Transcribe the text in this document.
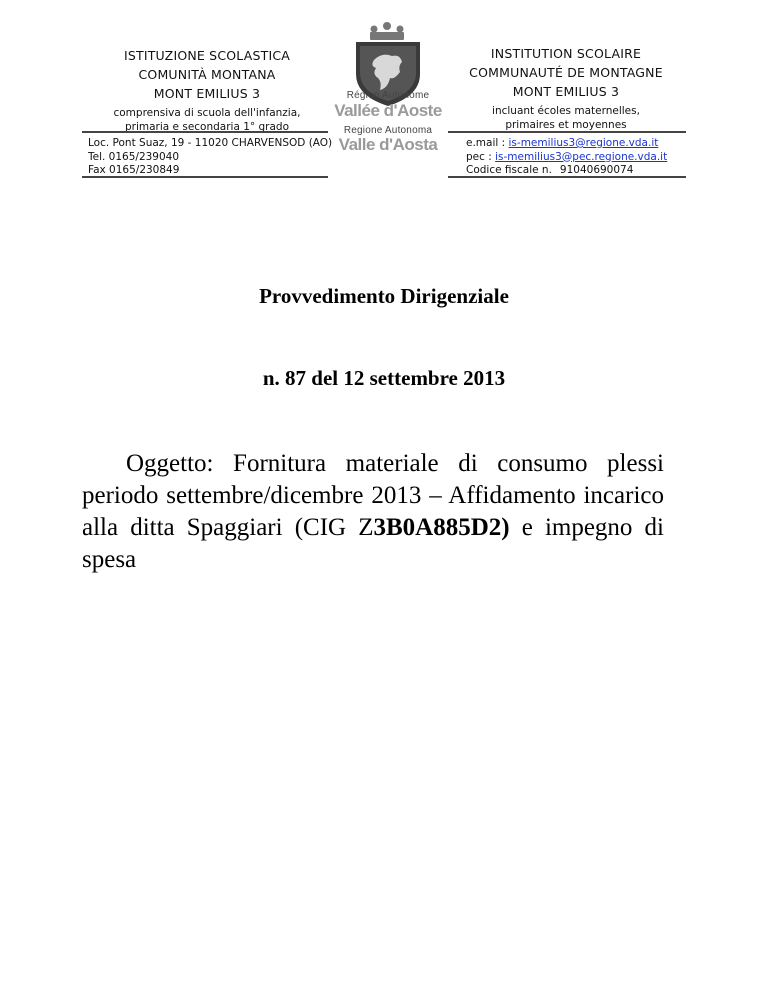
ISTITUZIONE SCOLASTICA
COMUNITÀ MONTANA
MONT EMILIUS 3
comprensiva di scuola dell'infanzia,
primaria e secondaria 1° grado
INSTITUTION SCOLAIRE
COMMUNAUTÉ DE MONTAGNE
MONT EMILIUS 3
incluant écoles maternelles,
primaires et moyennes
Région Autonome
Vallée d'Aoste
Regione Autonoma
Valle d'Aosta
Loc. Pont Suaz, 19 - 11020 CHARVENSOD (AO)
Tel. 0165/239040
Fax 0165/230849
e.mail : is-memilius3@regione.vda.it
pec : is-memilius3@pec.regione.vda.it
Codice fiscale n. 91040690074
Provvedimento Dirigenziale
n. 87 del 12 settembre 2013
Oggetto: Fornitura materiale di consumo plessi periodo settembre/dicembre 2013 – Affidamento incarico alla ditta Spaggiari (CIG Z3B0A885D2) e impegno di spesa
